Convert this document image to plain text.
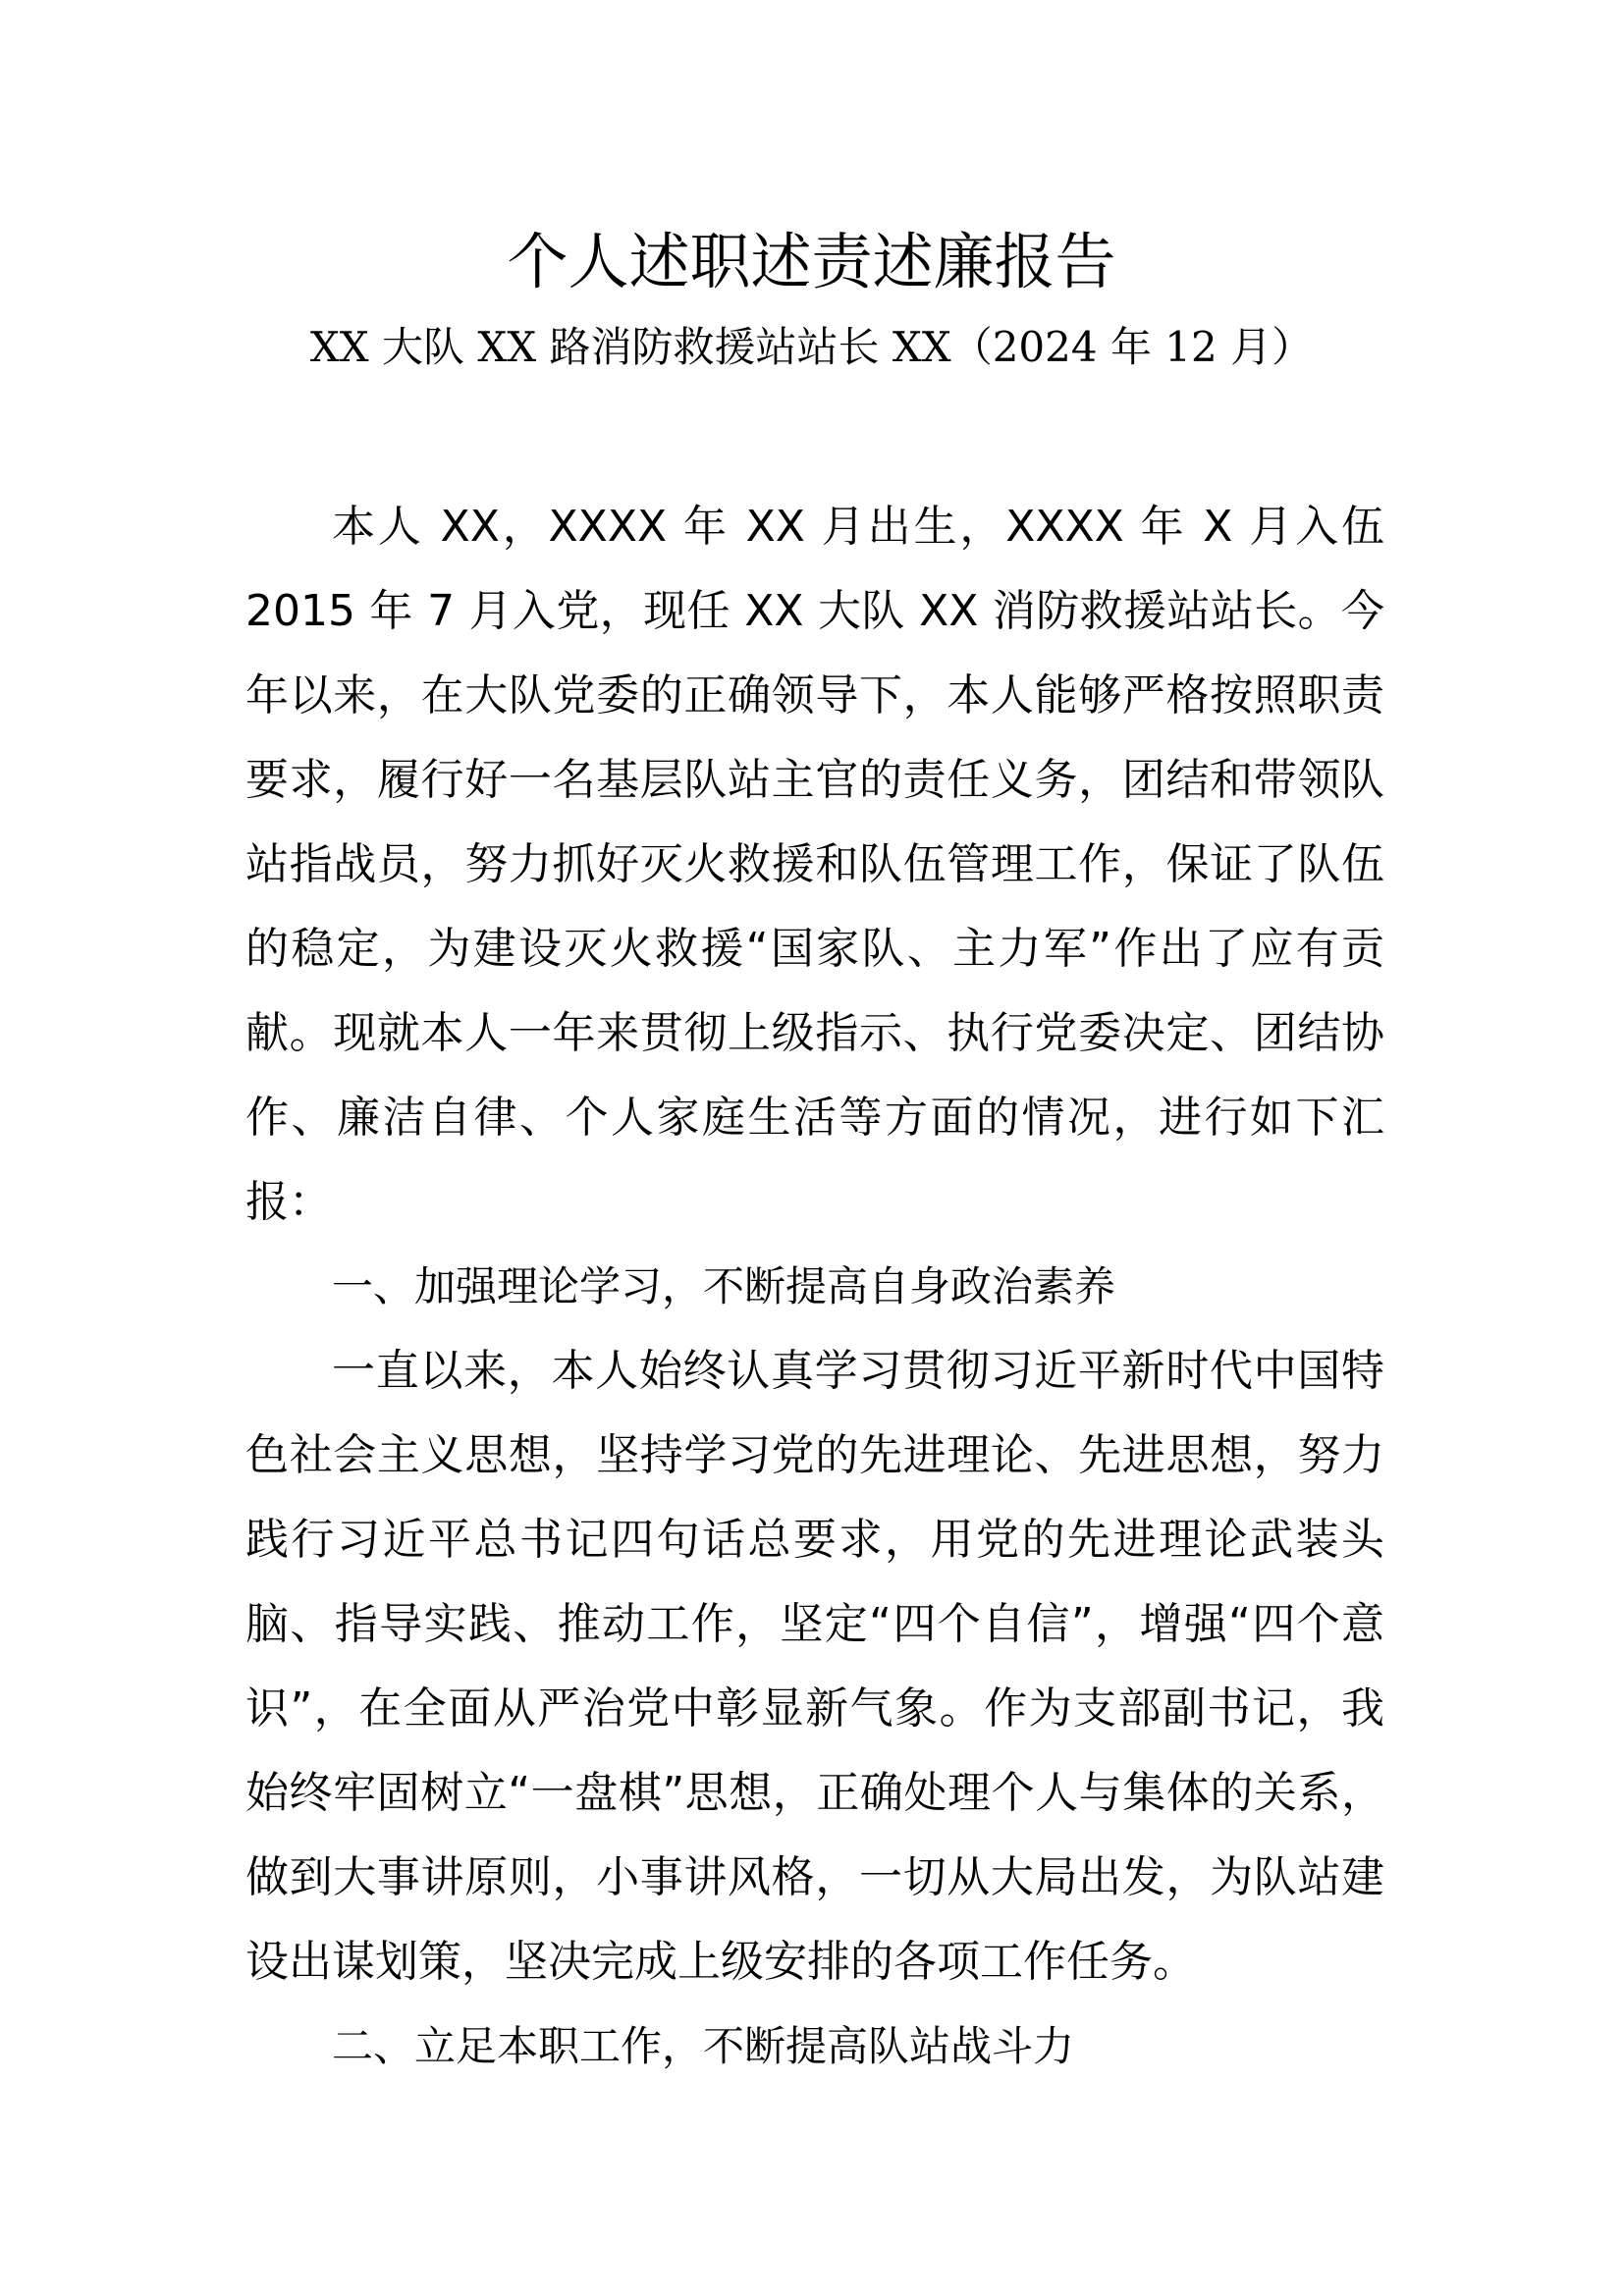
个人述职述责述廉报告
XX 大队 XX 路消防救援站站长 XX（2024 年 12 月）

本人 XX，XXXX 年 XX 月出生，XXXX 年 X 月入伍 2015 年 7 月入党，现任 XX 大队 XX 消防救援站站长。今年以来，在大队党委的正确领导下，本人能够严格按照职责要求，履行好一名基层队站主官的责任义务，团结和带领队站指战员，努力抓好灭火救援和队伍管理工作，保证了队伍的稳定，为建设灭火救援“国家队、主力军”作出了应有贡献。现就本人一年来贯彻上级指示、执行党委决定、团结协作、廉洁自律、个人家庭生活等方面的情况，进行如下汇报：

一、加强理论学习，不断提高自身政治素养

一直以来，本人始终认真学习贯彻习近平新时代中国特色社会主义思想，坚持学习党的先进理论、先进思想，努力践行习近平总书记四句话总要求，用党的先进理论武装头脑、指导实践、推动工作，坚定“四个自信”，增强“四个意识”，在全面从严治党中彰显新气象。作为支部副书记，我始终牢固树立“一盘棋”思想，正确处理个人与集体的关系，做到大事讲原则，小事讲风格，一切从大局出发，为队站建设出谋划策，坚决完成上级安排的各项工作任务。

二、立足本职工作，不断提高队站战斗力
